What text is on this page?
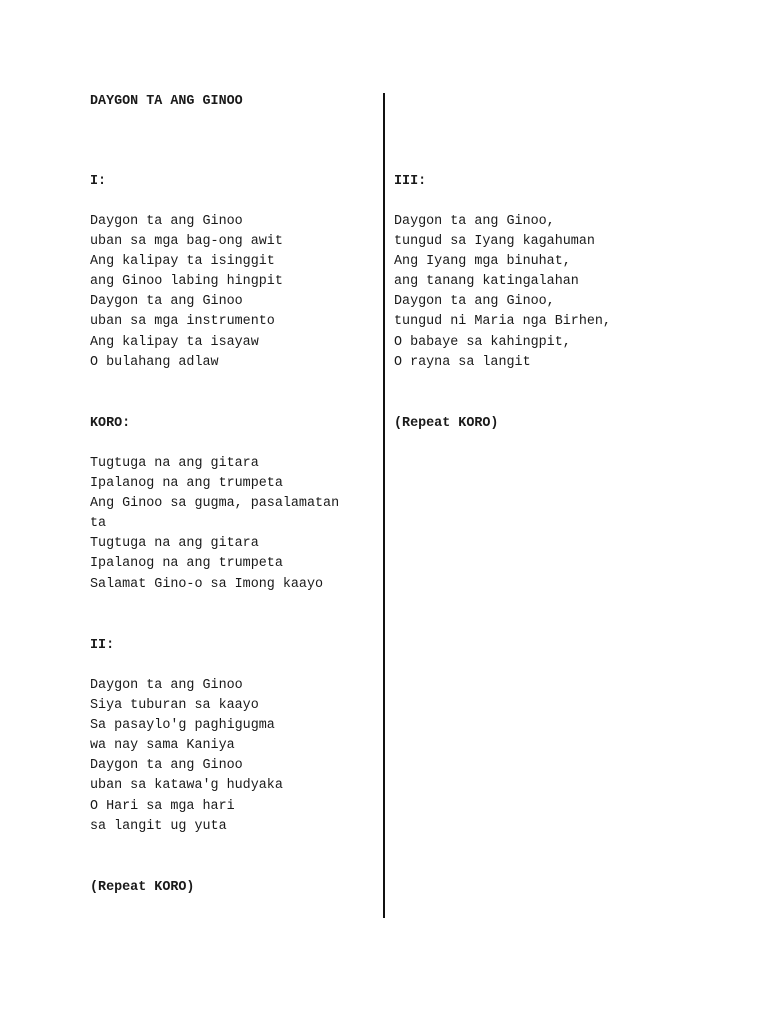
DAYGON TA ANG GINOO
I:
Daygon ta ang Ginoo
uban sa mga bag-ong awit
Ang kalipay ta isinggit
ang Ginoo labing hingpit
Daygon ta ang Ginoo
uban sa mga instrumento
Ang kalipay ta isayaw
O bulahang adlaw
KORO:
Tugtuga na ang gitara
Ipalanog na ang trumpeta
Ang Ginoo sa gugma, pasalamatan
ta
Tugtuga na ang gitara
Ipalanog na ang trumpeta
Salamat Gino-o sa Imong kaayo
II:
Daygon ta ang Ginoo
Siya tuburan sa kaayo
Sa pasaylo'g paghigugma
wa nay sama Kaniya
Daygon ta ang Ginoo
uban sa katawa'g hudyaka
O Hari sa mga hari
sa langit ug yuta
(Repeat KORO)
III:
Daygon ta ang Ginoo,
tungud sa Iyang kagahuman
Ang Iyang mga binuhat,
ang tanang katingalahan
Daygon ta ang Ginoo,
tungud ni Maria nga Birhen,
O babaye sa kahingpit,
O rayna sa langit
(Repeat KORO)
